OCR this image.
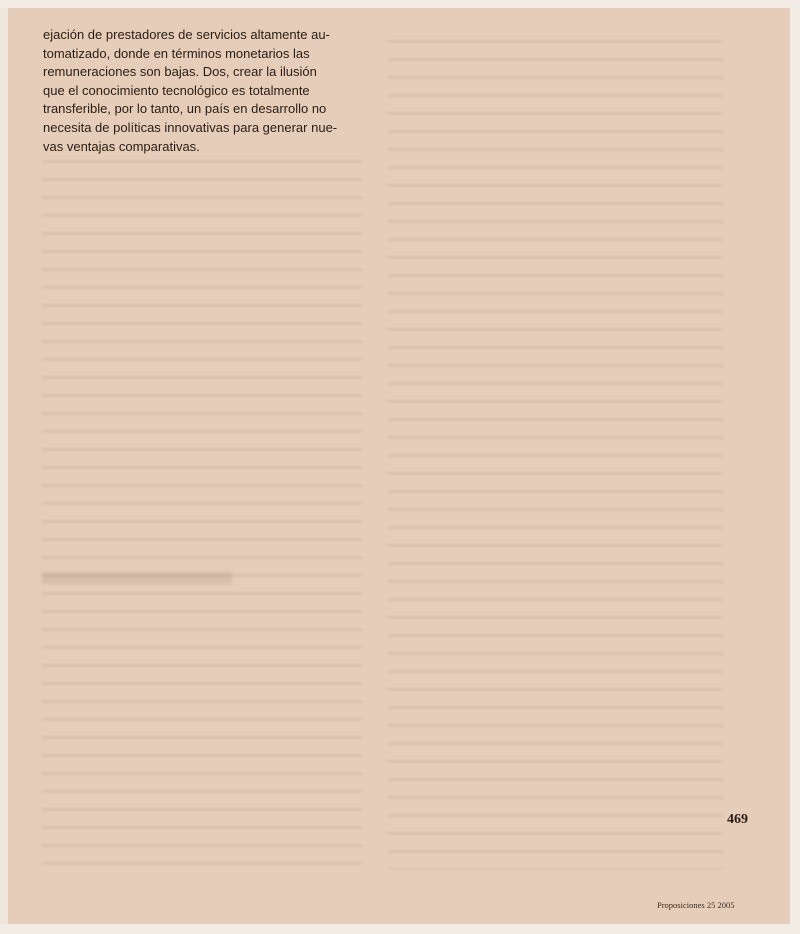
ejación de prestadores de servicios altamente au-
tomatizado, donde en términos monetarios las
remuneraciones son bajas. Dos, crear la ilusión
que el conocimiento tecnológico es totalmente
transferible, por lo tanto, un país en desarrollo no
necesita de políticas innovativas para generar nue-
vas ventajas comparativas.

469

Proposiciones 25 2005
